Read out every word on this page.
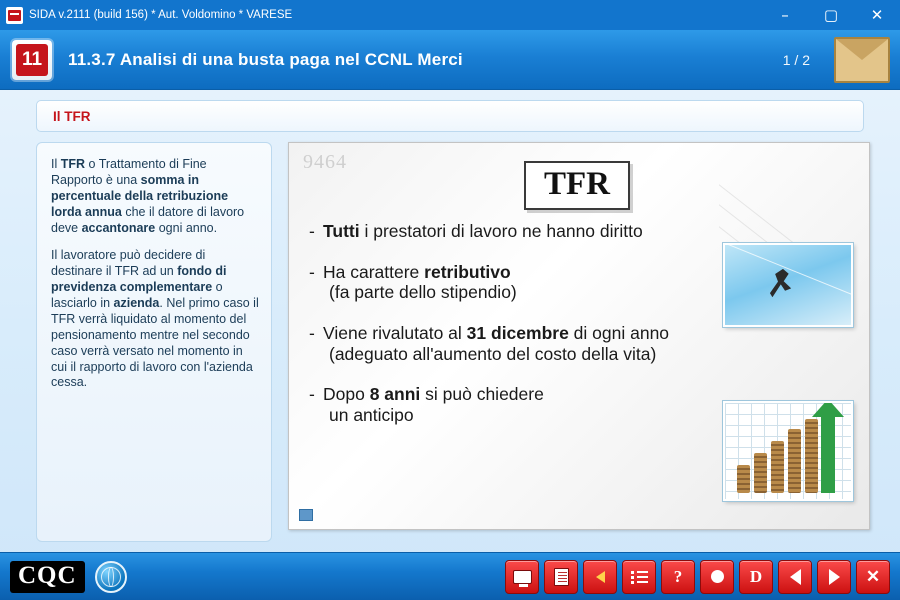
SIDA v.2111 (build 156) * Aut. Voldomino * VARESE	–	▢	✕
11	11.3.7 Analisi di una busta paga nel CCNL Merci	1 / 2
Il TFR

Il TFR o Trattamento di Fine Rapporto è una somma in percentuale della retribuzione lorda annua che il datore di lavoro deve accantonare ogni anno.

Il lavoratore può decidere di destinare il TFR ad un fondo di previdenza complementare o lasciarlo in azienda. Nel primo caso il TFR verrà liquidato al momento del pensionamento mentre nel secondo caso verrà versato nel momento in cui il rapporto di lavoro con l'azienda cessa.

9464
TFR
- Tutti i prestatori di lavoro ne hanno diritto
- Ha carattere retributivo
(fa parte dello stipendio)
- Viene rivalutato al 31 dicembre di ogni anno
(adeguato all'aumento del costo della vita)
- Dopo 8 anni si può chiedere
un anticipo
CQC	?	D	✕
